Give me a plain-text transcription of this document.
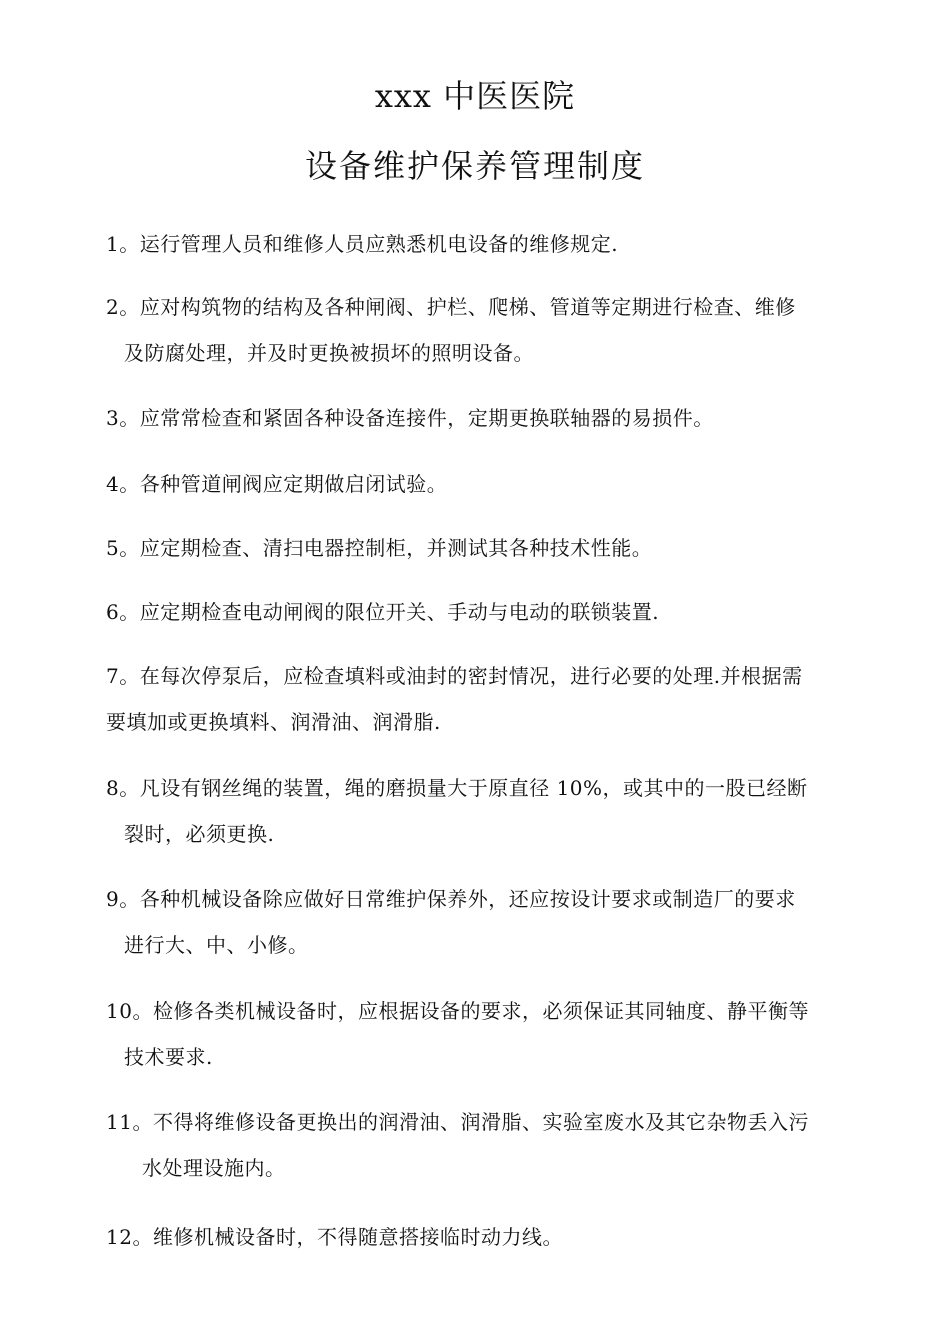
xxx 中医医院
设备维护保养管理制度
1。运行管理人员和维修人员应熟悉机电设备的维修规定.
2。应对构筑物的结构及各种闸阀、护栏、爬梯、管道等定期进行检查、维修
及防腐处理，并及时更换被损坏的照明设备。
3。应常常检查和紧固各种设备连接件，定期更换联轴器的易损件。
4。各种管道闸阀应定期做启闭试验。
5。应定期检查、清扫电器控制柜，并测试其各种技术性能。
6。应定期检查电动闸阀的限位开关、手动与电动的联锁装置.
7。在每次停泵后，应检查填料或油封的密封情况，进行必要的处理.并根据需
要填加或更换填料、润滑油、润滑脂.
8。凡设有钢丝绳的装置，绳的磨损量大于原直径 10%，或其中的一股已经断
裂时，必须更换.
9。各种机械设备除应做好日常维护保养外，还应按设计要求或制造厂的要求
进行大、中、小修。
10。检修各类机械设备时，应根据设备的要求，必须保证其同轴度、静平衡等
技术要求.
11。不得将维修设备更换出的润滑油、润滑脂、实验室废水及其它杂物丢入污
水处理设施内。
12。维修机械设备时，不得随意搭接临时动力线。
